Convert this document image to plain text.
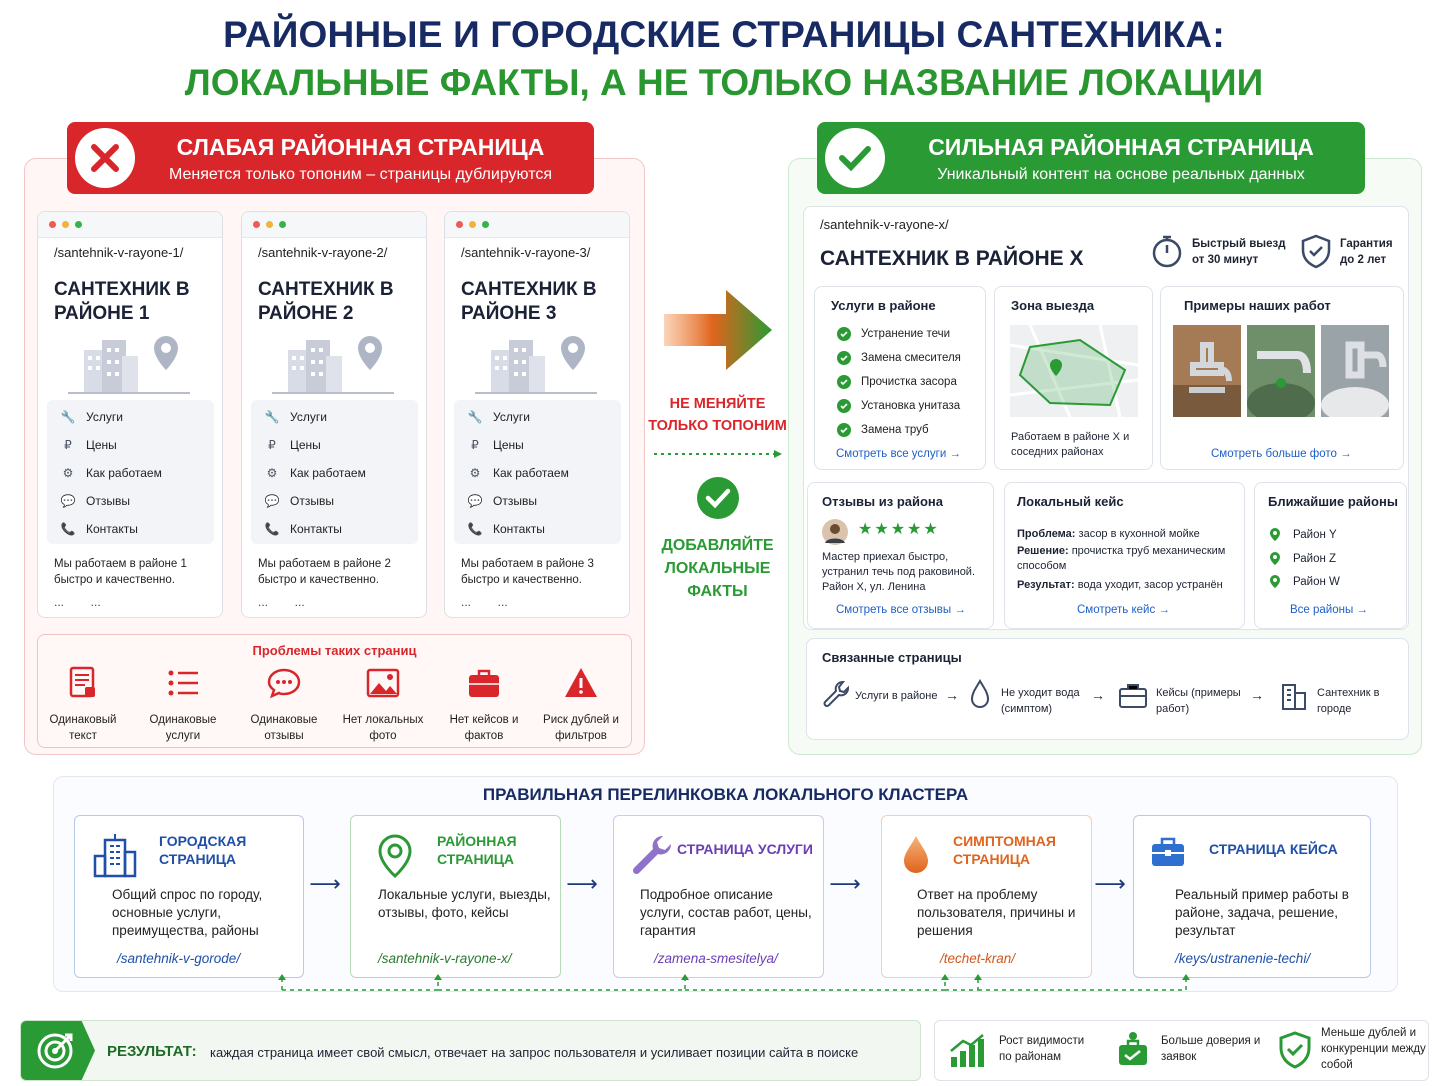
РАЙОННЫЕ И ГОРОДСКИЕ СТРАНИЦЫ САНТЕХНИКА:
ЛОКАЛЬНЫЕ ФАКТЫ, А НЕ ТОЛЬКО НАЗВАНИЕ ЛОКАЦИИ
СЛАБАЯ РАЙОННАЯ СТРАНИЦА
Меняется только топоним – страницы дублируются
/santehnik-v-rayone-1/
САНТЕХНИК В РАЙОНЕ 1
🔧 Услуги
₽	Цены
⚙	Как работаем
💬 Отзывы
📞 Контакты
Мы работаем в районе 1 быстро и качественно.
...        ...
/santehnik-v-rayone-2/
САНТЕХНИК В РАЙОНЕ 2
🔧 Услуги
₽	Цены
⚙	Как работаем
💬 Отзывы
📞 Контакты
Мы работаем в районе 2 быстро и качественно.
...        ...
/santehnik-v-rayone-3/
САНТЕХНИК В РАЙОНЕ 3
🔧 Услуги
₽	Цены
⚙	Как работаем
💬 Отзывы
📞 Контакты
Мы работаем в районе 3 быстро и качественно.
...        ...
Проблемы таких страниц
Одинаковый текст
Одинаковые услуги
Одинаковые отзывы
Нет локальных фото
Нет кейсов и фактов
Риск дублей и фильтров
НЕ МЕНЯЙТЕ ТОЛЬКО ТОПОНИМ
ДОБАВЛЯЙТЕ ЛОКАЛЬНЫЕ ФАКТЫ
СИЛЬНАЯ РАЙОННАЯ СТРАНИЦА
Уникальный контент на основе реальных данных
/santehnik-v-rayone-x/
САНТЕХНИК В РАЙОНЕ Х
Быстрый выезд от 30 минут
Гарантия до 2 лет
Услуги в районе
Устранение течи
Замена смесителя
Прочистка засора
Установка унитаза
Замена труб
Смотреть все услуги →
Зона выезда
Работаем в районе Х и соседних районах
Примеры наших работ
Смотреть больше фото →
Отзывы из района
★★★★★
Мастер приехал быстро, устранил течь под раковиной. Район Х, ул. Ленина
Смотреть все отзывы →
Локальный кейс
Проблема: засор в кухонной мойке
Решение: прочистка труб механическим способом
Результат: вода уходит, засор устранён
Смотреть кейс →
Ближайшие районы
Район Y
Район Z
Район W
Все районы →
Связанные страницы
Услуги в районе →	Не уходит вода (симптом)
→	Кейсы (примеры работ)
→	Сантехник в городе
ПРАВИЛЬНАЯ ПЕРЕЛИНКОВКА ЛОКАЛЬНОГО КЛАСТЕРА
ГОРОДСКАЯ СТРАНИЦА
Общий спрос по городу, основные услуги, преимущества, районы
/santehnik-v-gorode/
⟶
РАЙОННАЯ СТРАНИЦА
Локальные услуги, выезды, отзывы, фото, кейсы
/santehnik-v-rayone-x/
⟶
СТРАНИЦА УСЛУГИ
Подробное описание услуги, состав работ, цены, гарантия
/zamena-smesitelya/
⟶
СИМПТОМНАЯ СТРАНИЦА
Ответ на проблему пользователя, причины и решения
/techet-kran/
⟶
СТРАНИЦА КЕЙСА
Реальный пример работы в районе, задача, решение, результат
/keys/ustranenie-techi/
РЕЗУЛЬТАТ: каждая страница имеет свой смысл, отвечает на запрос пользователя и усиливает позиции сайта в поиске
Рост видимости по районам
Больше доверия и заявок
Меньше дублей и конкуренции между собой
